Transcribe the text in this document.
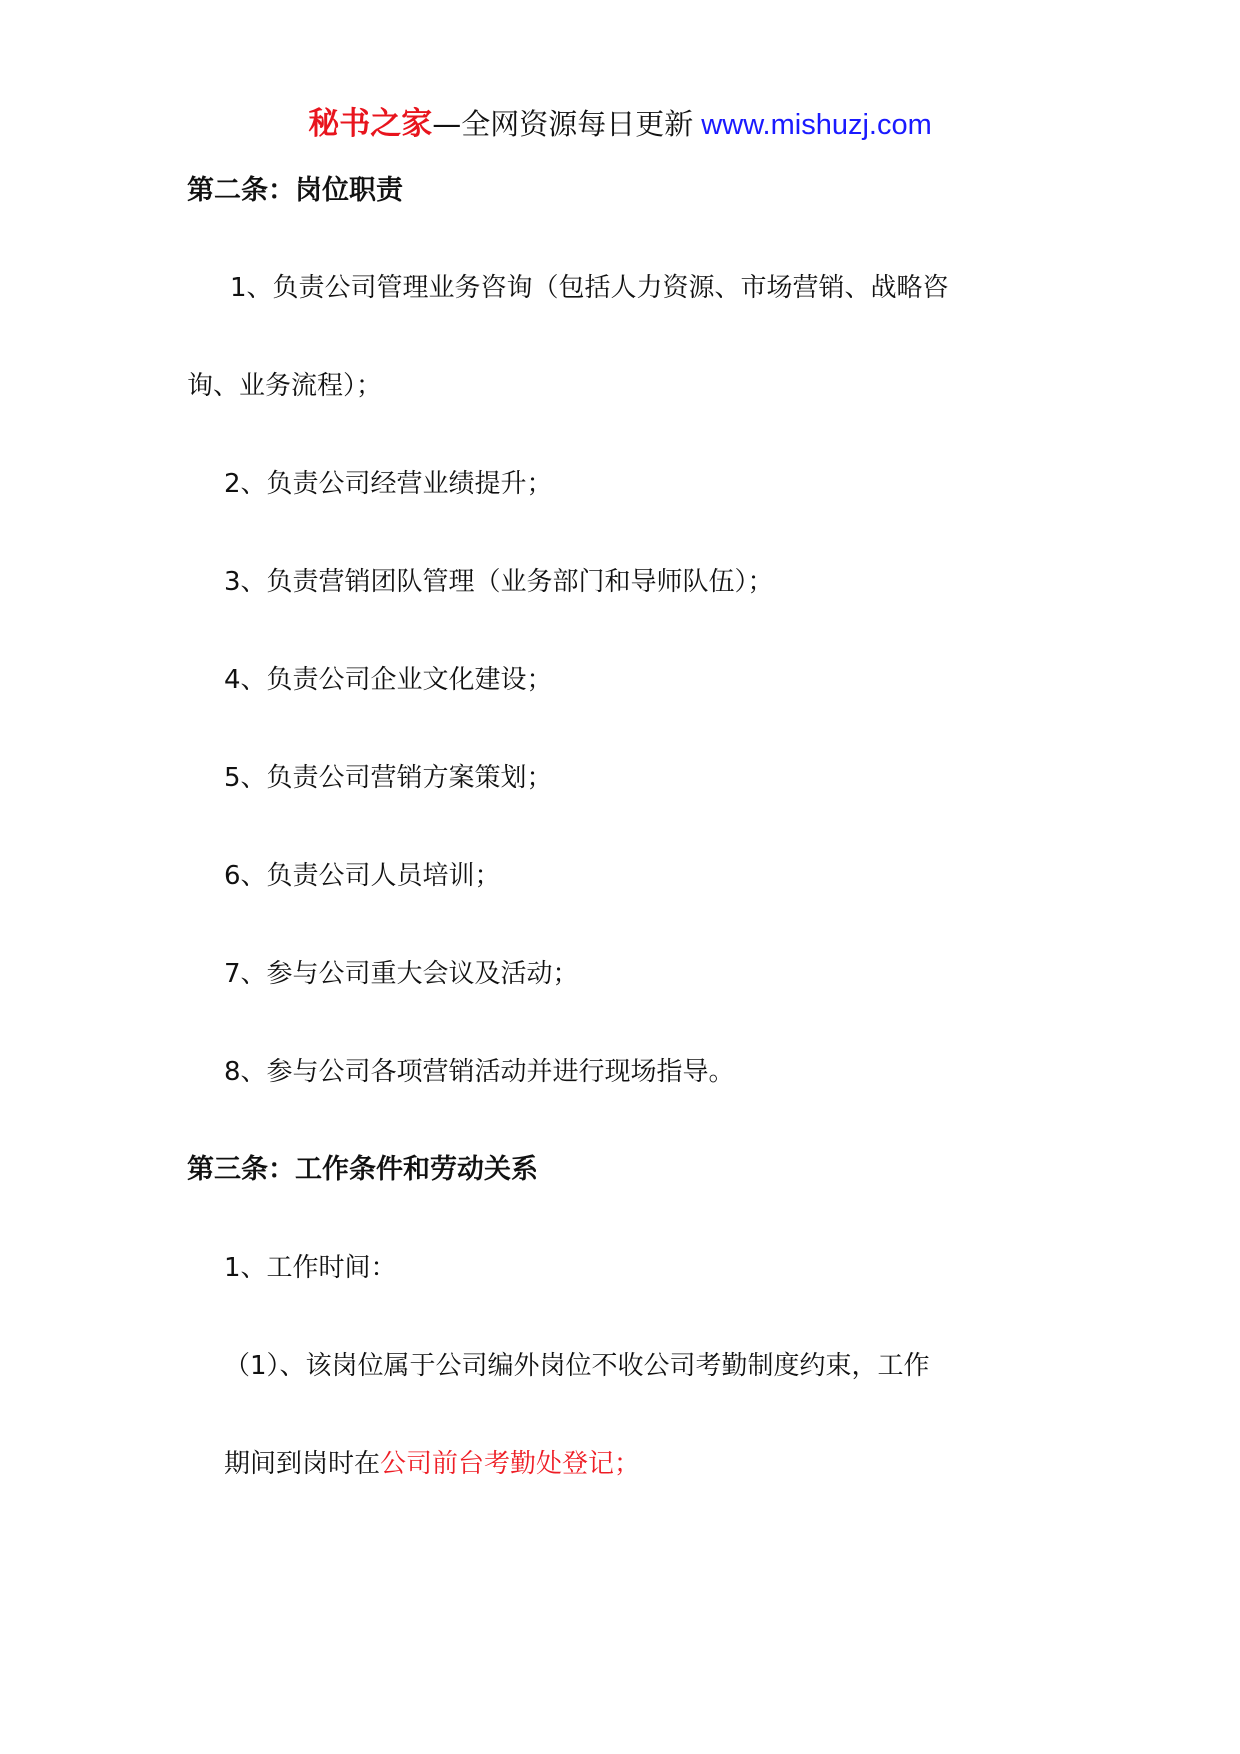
秘书之家—全网资源每日更新 www.mishuzj.com
第二条：岗位职责
1、负责公司管理业务咨询（包括人力资源、市场营销、战略咨
询、业务流程）；
2、负责公司经营业绩提升；
3、负责营销团队管理（业务部门和导师队伍）；
4、负责公司企业文化建设；
5、负责公司营销方案策划；
6、负责公司人员培训；
7、参与公司重大会议及活动；
8、参与公司各项营销活动并进行现场指导。
第三条：工作条件和劳动关系
1、工作时间：
（1）、该岗位属于公司编外岗位不收公司考勤制度约束，工作
期间到岗时在公司前台考勤处登记；
